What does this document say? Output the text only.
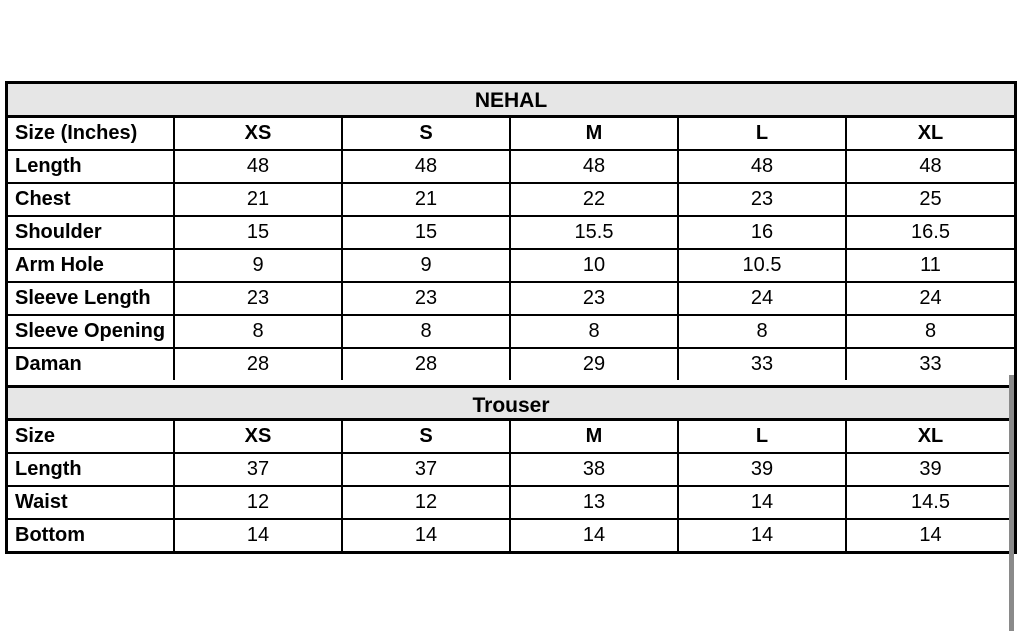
NEHAL
Size (Inches)	XS	S	M	L	XL
Length	48	48	48	48	48
Chest	21	21	22	23	25
Shoulder	15	15	15.5	16	16.5
Arm Hole	9	9	10	10.5	11
Sleeve Length	23	23	23	24	24
Sleeve Opening	8	8	8	8	8
Daman	28	28	29	33	33
Trouser
Size	XS	S	M	L	XL
Length	37	37	38	39	39
Waist	12	12	13	14	14.5
Bottom	14	14	14	14	14
